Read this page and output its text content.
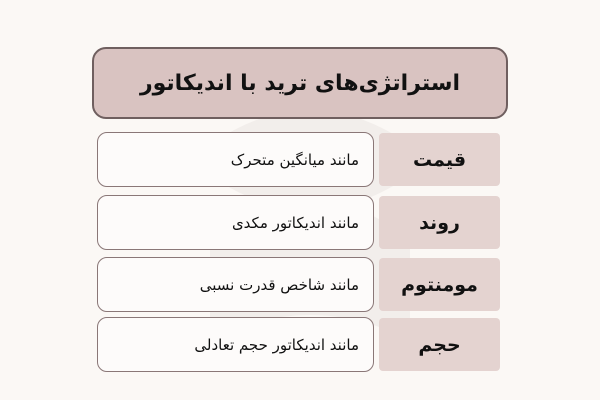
استراتژی‌های ترید با اندیکاتور
مانند میانگین متحرک	قیمت
مانند اندیکاتور مکدی	روند
مانند شاخص قدرت نسبی	مومنتوم
مانند اندیکاتور حجم تعادلی	حجم
